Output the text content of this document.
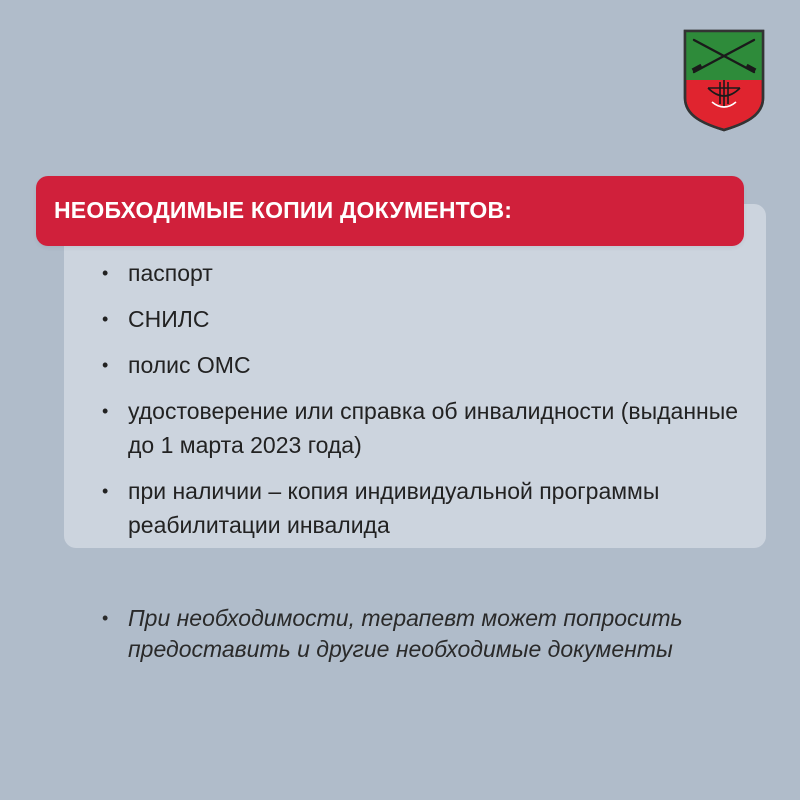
НЕОБХОДИМЫЕ КОПИИ ДОКУМЕНТОВ:
• паспорт
• СНИЛС
• полис ОМС
• удостоверение или справка об инвалидности (выданные до 1 марта 2023 года)
• при наличии – копия индивидуальной программы реабилитации инвалида
• При необходимости, терапевт может попросить предоставить и другие необходимые документы
